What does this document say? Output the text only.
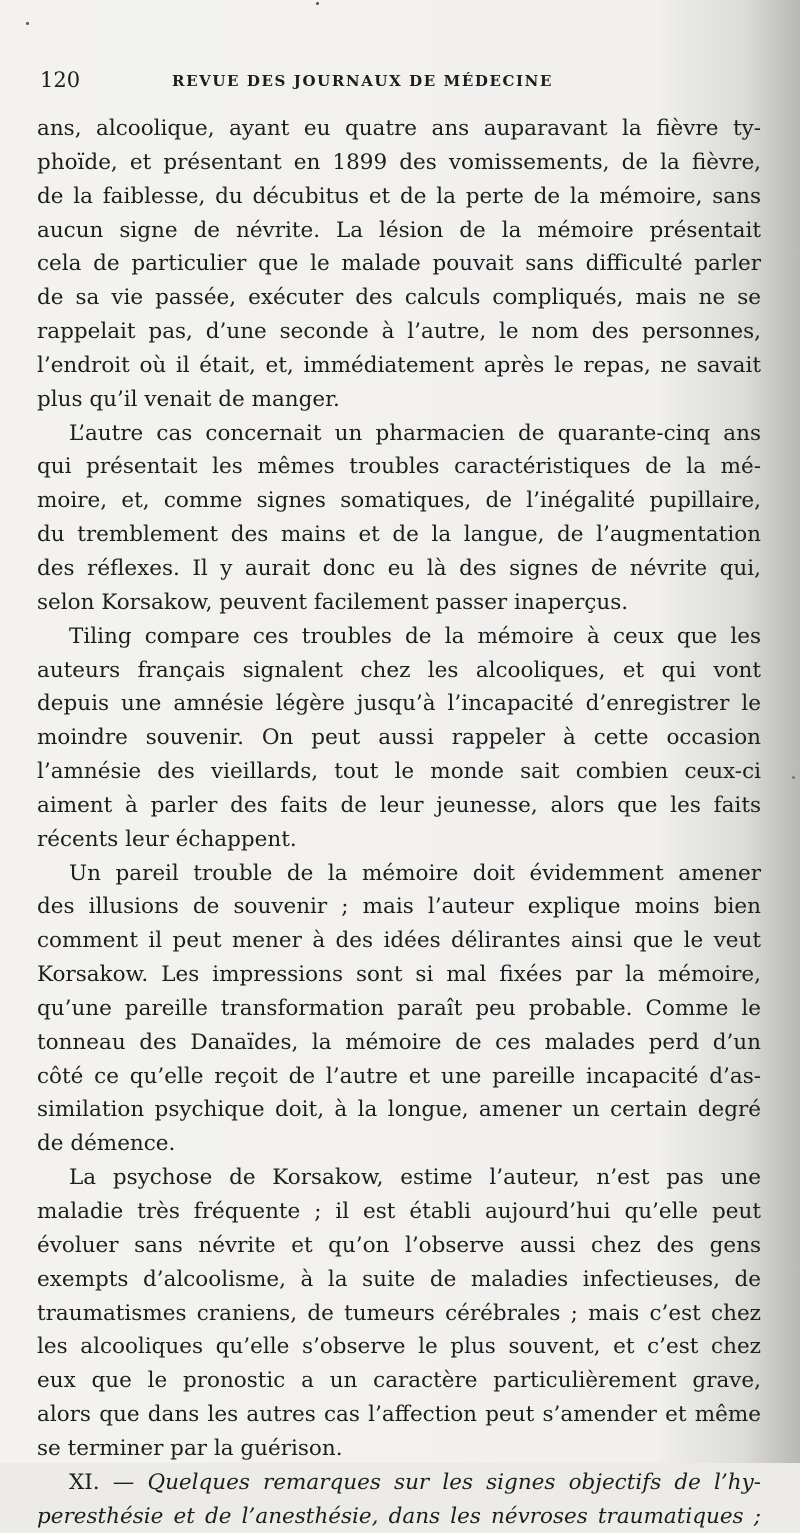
120	REVUE DES JOURNAUX DE MÉDECINE
ans, alcoolique, ayant eu quatre ans auparavant la fièvre ty-
phoïde, et présentant en 1899 des vomissements, de la fièvre,
de la faiblesse, du décubitus et de la perte de la mémoire, sans
aucun signe de névrite. La lésion de la mémoire présentait
cela de particulier que le malade pouvait sans difficulté parler
de sa vie passée, exécuter des calculs compliqués, mais ne se
rappelait pas, d’une seconde à l’autre, le nom des personnes,
l’endroit où il était, et, immédiatement après le repas, ne savait
plus qu’il venait de manger.
L’autre cas concernait un pharmacien de quarante-cinq ans
qui présentait les mêmes troubles caractéristiques de la mé-
moire, et, comme signes somatiques, de l’inégalité pupillaire,
du tremblement des mains et de la langue, de l’augmentation
des réflexes. Il y aurait donc eu là des signes de névrite qui,
selon Korsakow, peuvent facilement passer inaperçus.
Tiling compare ces troubles de la mémoire à ceux que les
auteurs français signalent chez les alcooliques, et qui vont
depuis une amnésie légère jusqu’à l’incapacité d’enregistrer le
moindre souvenir. On peut aussi rappeler à cette occasion
l’amnésie des vieillards, tout le monde sait combien ceux-ci
aiment à parler des faits de leur jeunesse, alors que les faits
récents leur échappent.
Un pareil trouble de la mémoire doit évidemment amener
des illusions de souvenir ; mais l’auteur explique moins bien
comment il peut mener à des idées délirantes ainsi que le veut
Korsakow. Les impressions sont si mal fixées par la mémoire,
qu’une pareille transformation paraît peu probable. Comme le
tonneau des Danaïdes, la mémoire de ces malades perd d’un
côté ce qu’elle reçoit de l’autre et une pareille incapacité d’as-
similation psychique doit, à la longue, amener un certain degré
de démence.
La psychose de Korsakow, estime l’auteur, n’est pas une
maladie très fréquente ; il est établi aujourd’hui qu’elle peut
évoluer sans névrite et qu’on l’observe aussi chez des gens
exempts d’alcoolisme, à la suite de maladies infectieuses, de
traumatismes craniens, de tumeurs cérébrales ; mais c’est chez
les alcooliques qu’elle s’observe le plus souvent, et c’est chez
eux que le pronostic a un caractère particulièrement grave,
alors que dans les autres cas l’affection peut s’amender et même
se terminer par la guérison.
XI. — Quelques remarques sur les signes objectifs de l’hy-
peresthésie et de l’anesthésie, dans les névroses traumatiques ;
